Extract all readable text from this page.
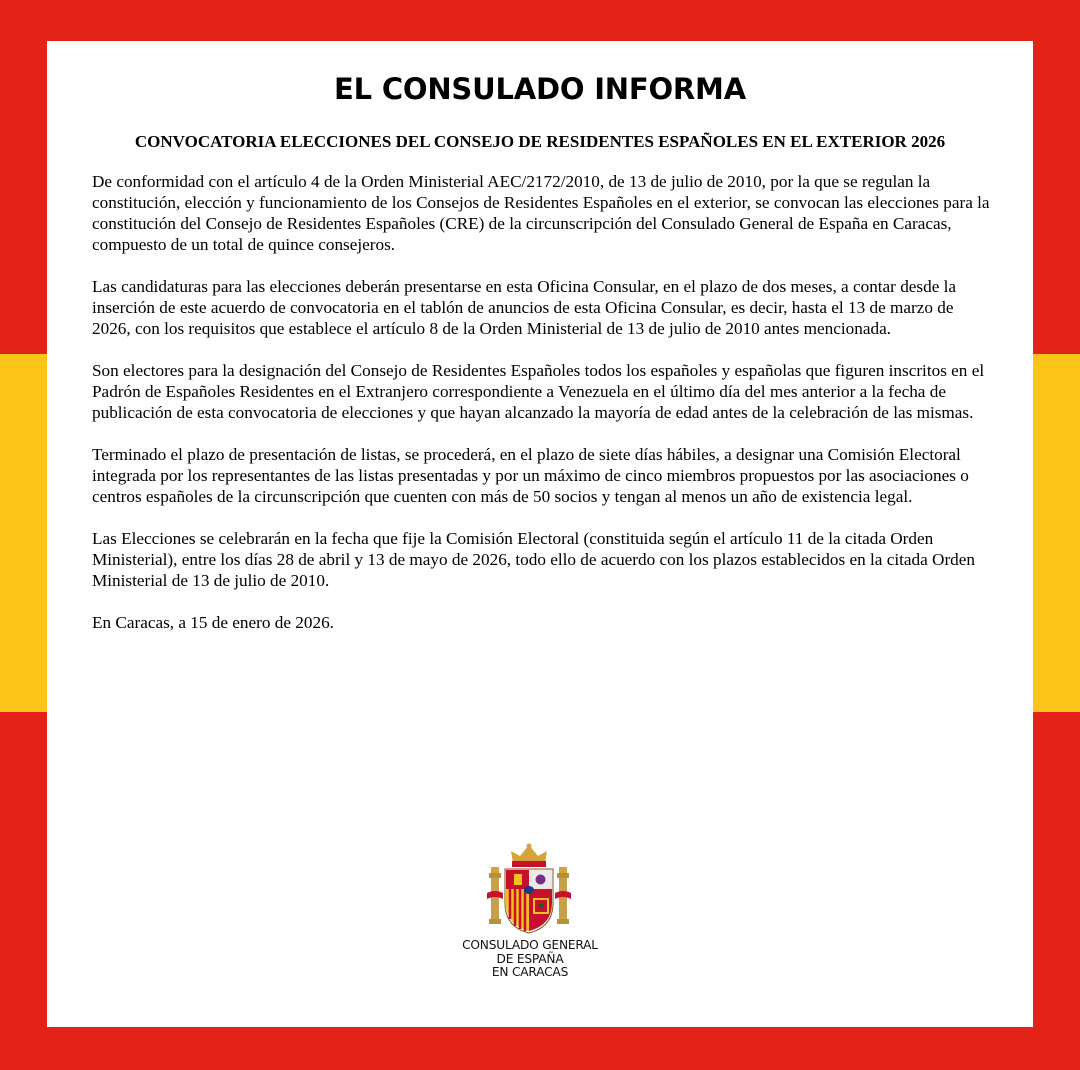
EL CONSULADO INFORMA
CONVOCATORIA ELECCIONES DEL CONSEJO DE RESIDENTES ESPAÑOLES EN EL EXTERIOR 2026

De conformidad con el artículo 4 de la Orden Ministerial AEC/2172/2010, de 13 de julio de 2010, por la que se regulan la constitución, elección y funcionamiento de los Consejos de Residentes Españoles en el exterior, se convocan las elecciones para la constitución del Consejo de Residentes Españoles (CRE) de la circunscripción del Consulado General de España en Caracas, compuesto de un total de quince consejeros.

Las candidaturas para las elecciones deberán presentarse en esta Oficina Consular, en el plazo de dos meses, a contar desde la inserción de este acuerdo de convocatoria en el tablón de anuncios de esta Oficina Consular, es decir, hasta el 13 de marzo de 2026, con los requisitos que establece el artículo 8 de la Orden Ministerial de 13 de julio de 2010 antes mencionada.

Son electores para la designación del Consejo de Residentes Españoles todos los españoles y españolas que figuren inscritos en el Padrón de Españoles Residentes en el Extranjero correspondiente a Venezuela en el último día del mes anterior a la fecha de publicación de esta convocatoria de elecciones y que hayan alcanzado la mayoría de edad antes de la celebración de las mismas.

Terminado el plazo de presentación de listas, se procederá, en el plazo de siete días hábiles, a designar una Comisión Electoral integrada por los representantes de las listas presentadas y por un máximo de cinco miembros propuestos por las asociaciones o centros españoles de la circunscripción que cuenten con más de 50 socios y tengan al menos un año de existencia legal.

Las Elecciones se celebrarán en la fecha que fije la Comisión Electoral (constituida según el artículo 11 de la citada Orden Ministerial), entre los días 28 de abril y 13 de mayo de 2026, todo ello de acuerdo con los plazos establecidos en la citada Orden Ministerial de 13 de julio de 2010.

En Caracas, a 15 de enero de 2026.

CONSULADO GENERAL
DE ESPAÑA
EN CARACAS
